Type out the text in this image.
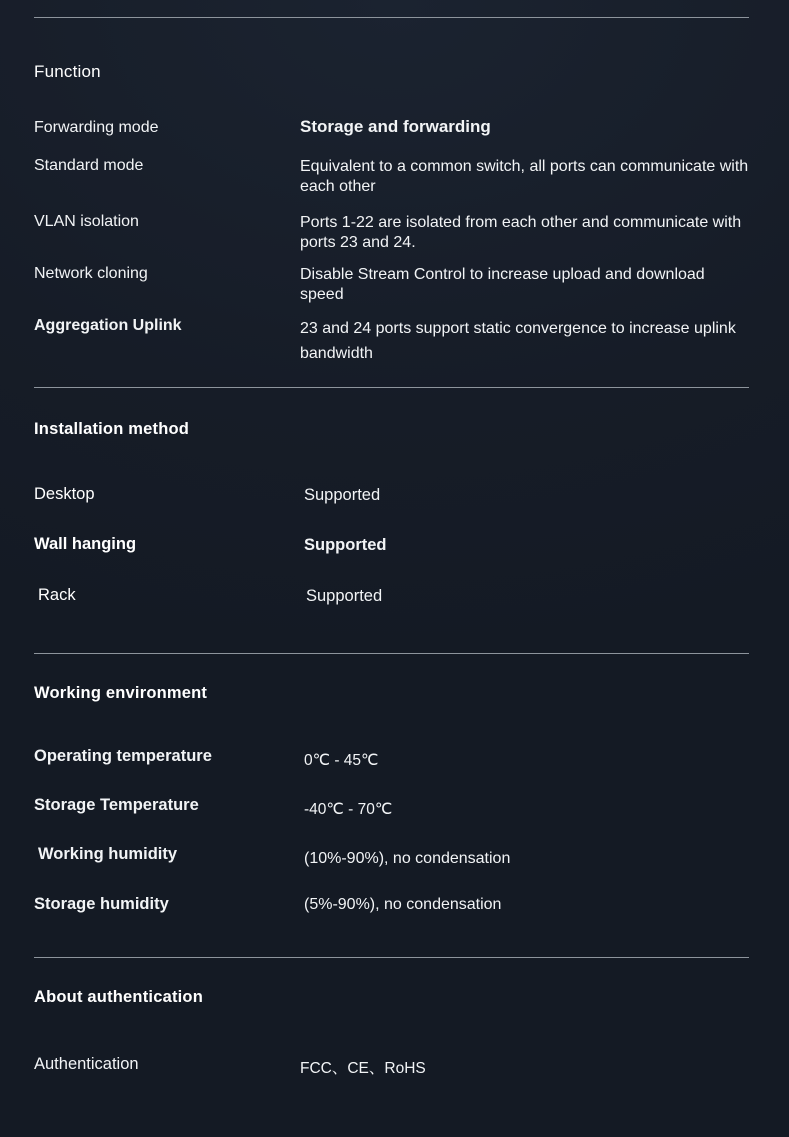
Function
Forwarding mode	Storage and forwarding

Standard mode	Equivalent to a common switch, all ports can communicate with each other

VLAN isolation	Ports 1-22 are isolated from each other and communicate with ports 23 and 24.

Network cloning	Disable Stream Control to increase upload and download speed

Aggregation Uplink	23 and 24 ports support static convergence to increase uplink bandwidth
Installation method
Desktop	Supported
Wall hanging	Supported
Rack	Supported
Working environment
Operating temperature	0℃ - 45℃
Storage Temperature	-40℃ - 70℃
Working humidity	(10%-90%), no condensation
Storage humidity	(5%-90%), no condensation
About authentication
Authentication	FCC、CE、RoHS
